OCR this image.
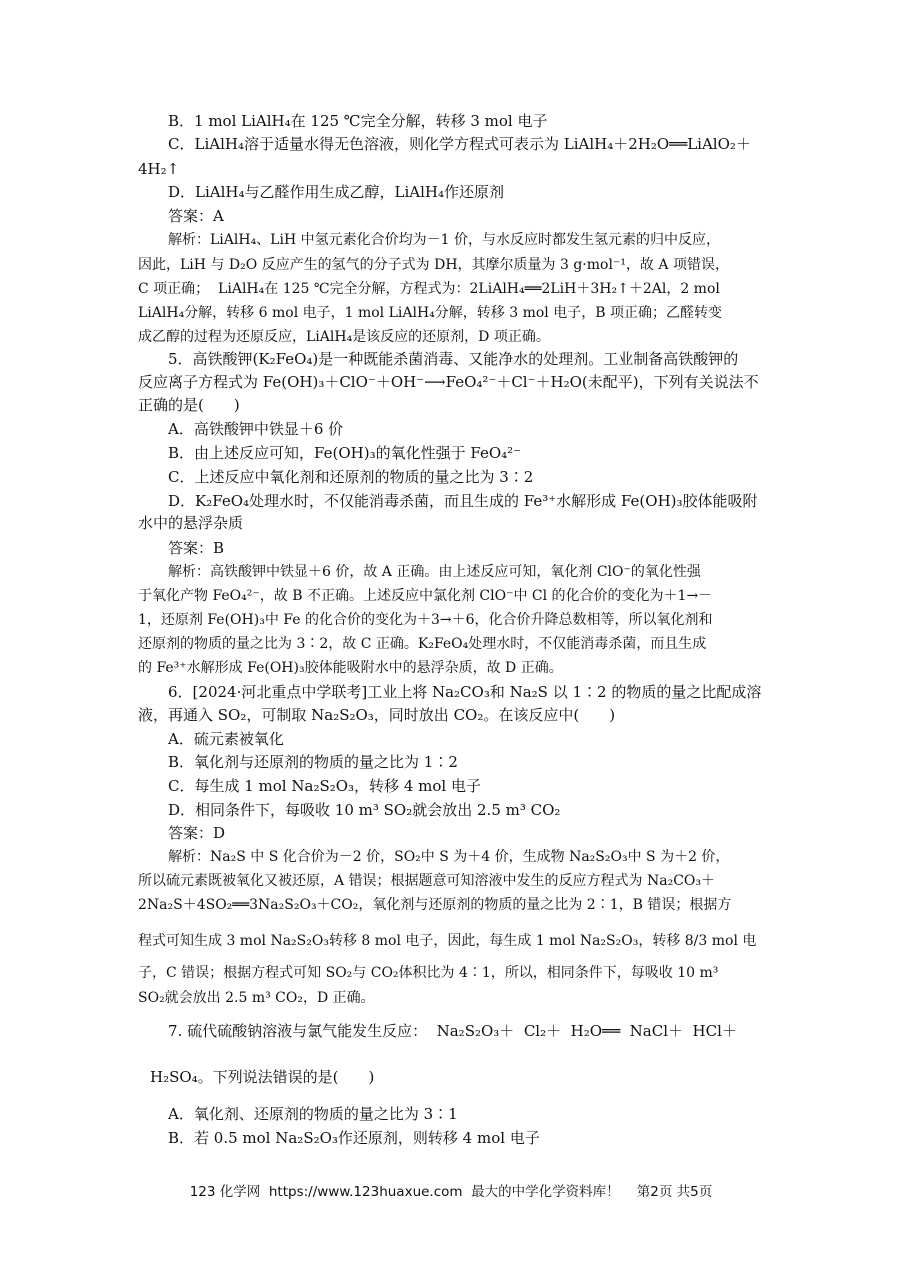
B．1 mol LiAlH₄在 125 ℃完全分解，转移 3 mol 电子
C．LiAlH₄溶于适量水得无色溶液，则化学方程式可表示为 LiAlH₄＋2H₂O══LiAlO₂＋
4H₂↑
D．LiAlH₄与乙醛作用生成乙醇，LiAlH₄作还原剂
答案：A
解析：LiAlH₄、LiH 中氢元素化合价均为－1 价，与水反应时都发生氢元素的归中反应，
因此，LiH 与 D₂O 反应产生的氢气的分子式为 DH，其摩尔质量为 3 g·mol⁻¹，故 A 项错误，
C 项正确；  LiAlH₄在 125 ℃完全分解，方程式为：2LiAlH₄══2LiH＋3H₂↑＋2Al，2 mol
LiAlH₄分解，转移 6 mol 电子，1 mol LiAlH₄分解，转移 3 mol 电子，B 项正确；乙醛转变
成乙醇的过程为还原反应，LiAlH₄是该反应的还原剂，D 项正确。
5．高铁酸钾(K₂FeO₄)是一种既能杀菌消毒、又能净水的处理剂。工业制备高铁酸钾的
反应离子方程式为 Fe(OH)₃＋ClO⁻＋OH⁻⟶FeO₄²⁻＋Cl⁻＋H₂O(未配平)，下列有关说法不
正确的是(　　)
A．高铁酸钾中铁显＋6 价
B．由上述反应可知，Fe(OH)₃的氧化性强于 FeO₄²⁻
C．上述反应中氧化剂和还原剂的物质的量之比为 3∶2
D．K₂FeO₄处理水时，不仅能消毒杀菌，而且生成的 Fe³⁺水解形成 Fe(OH)₃胶体能吸附
水中的悬浮杂质
答案：B
解析：高铁酸钾中铁显＋6 价，故 A 正确。由上述反应可知，氧化剂 ClO⁻的氧化性强
于氧化产物 FeO₄²⁻，故 B 不正确。上述反应中氯化剂 ClO⁻中 Cl 的化合价的变化为＋1→－
1，还原剂 Fe(OH)₃中 Fe 的化合价的变化为＋3→＋6，化合价升降总数相等，所以氧化剂和
还原剂的物质的量之比为 3∶2，故 C 正确。K₂FeO₄处理水时，不仅能消毒杀菌，而且生成
的 Fe³⁺水解形成 Fe(OH)₃胶体能吸附水中的悬浮杂质，故 D 正确。
6．[2024·河北重点中学联考]工业上将 Na₂CO₃和 Na₂S 以 1∶2 的物质的量之比配成溶
液，再通入 SO₂，可制取 Na₂S₂O₃，同时放出 CO₂。在该反应中(　　)
A．硫元素被氧化
B．氧化剂与还原剂的物质的量之比为 1∶2
C．每生成 1 mol Na₂S₂O₃，转移 4 mol 电子
D．相同条件下，每吸收 10 m³ SO₂就会放出 2.5 m³ CO₂
答案：D
解析：Na₂S 中 S 化合价为－2 价，SO₂中 S 为＋4 价，生成物 Na₂S₂O₃中 S 为＋2 价，
所以硫元素既被氧化又被还原，A 错误；根据题意可知溶液中发生的反应方程式为 Na₂CO₃＋
2Na₂S＋4SO₂══3Na₂S₂O₃＋CO₂，氧化剂与还原剂的物质的量之比为 2∶1，B 错误；根据方
程式可知生成 3 mol Na₂S₂O₃转移 8 mol 电子，因此，每生成 1 mol Na₂S₂O₃，转移 8/3 mol 电
子，C 错误；根据方程式可知 SO₂与 CO₂体积比为 4∶1，所以，相同条件下，每吸收 10 m³
SO₂就会放出 2.5 m³ CO₂，D 正确。
7. 硫代硫酸钠溶液与氯气能发生反应：  Na₂S₂O₃＋  Cl₂＋  H₂O══  NaCl＋  HCl＋
H₂SO₄。下列说法错误的是(　　)
A．氧化剂、还原剂的物质的量之比为 3∶1
B．若 0.5 mol Na₂S₂O₃作还原剂，则转移 4 mol 电子
123 化学网  https://www.123huaxue.com  最大的中学化学资料库！    第2页 共5页
